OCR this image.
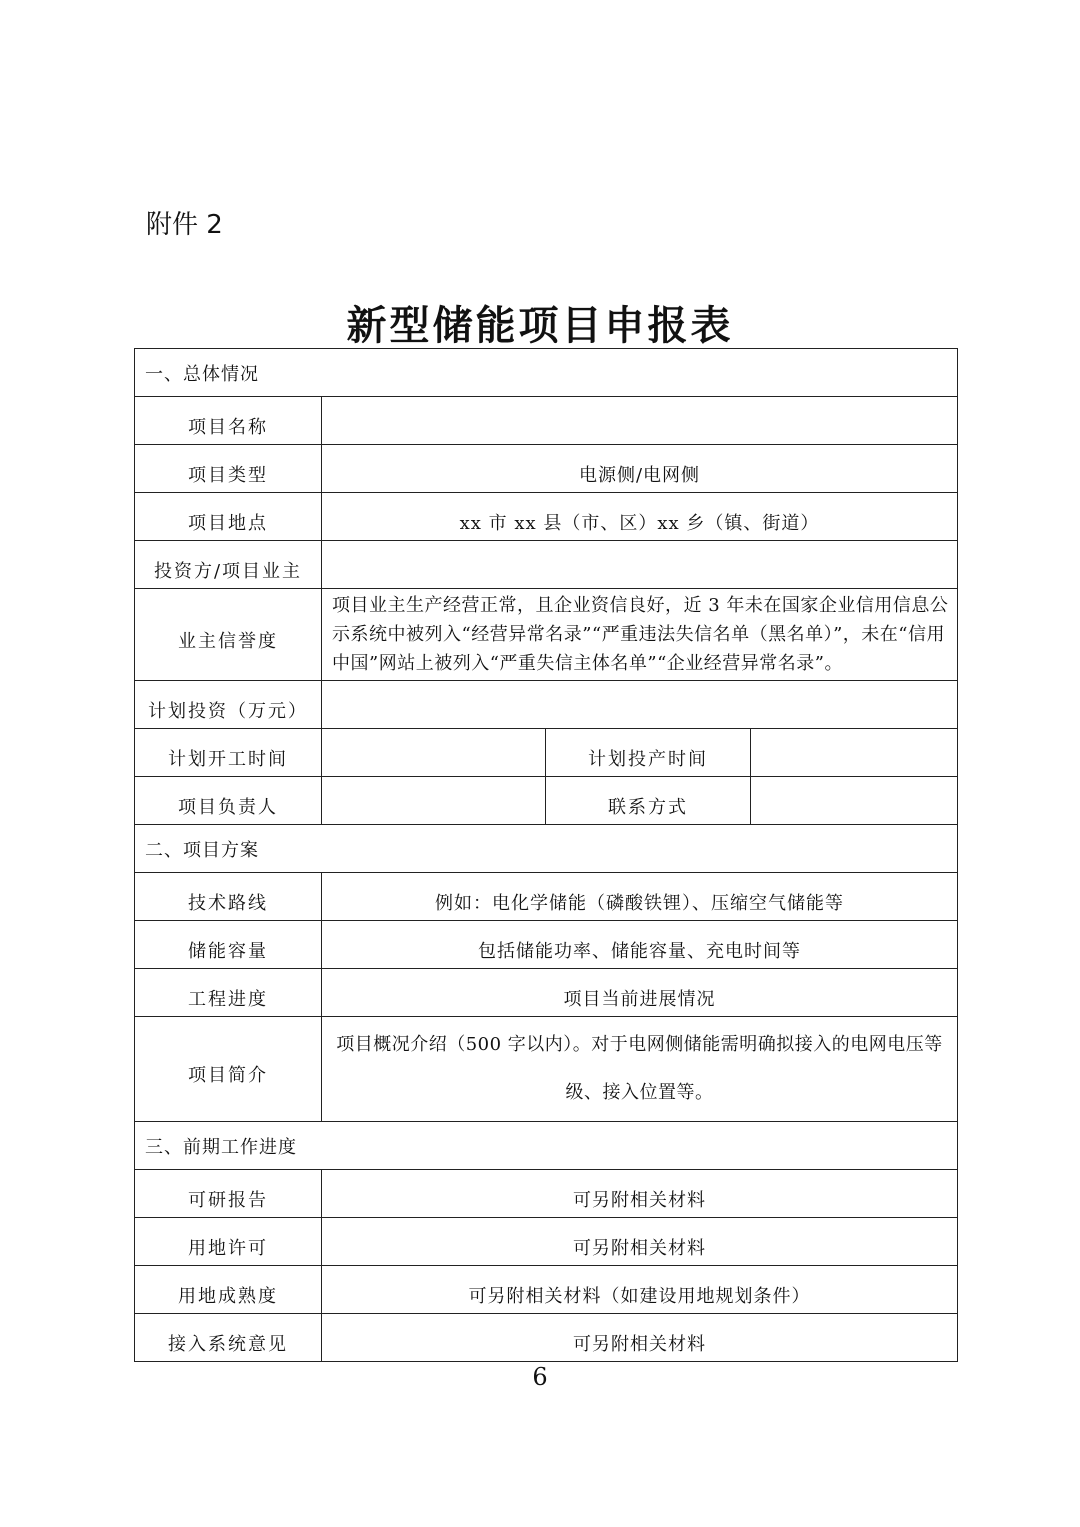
附件 2
新型储能项目申报表
一、总体情况			
项目名称			
项目类型	电源侧/电网侧		
项目地点	xx 市 xx 县（市、区）xx 乡（镇、街道）		
投资方/项目业主			
业主信誉度	项目业主生产经营正常，且企业资信良好，近 3 年未在国家企业信用信息公示系统中被列入“经营异常名录”“严重违法失信名单（黑名单）”，未在“信用中国”网站上被列入“严重失信主体名单”“企业经营异常名录”。		
计划投资（万元）			
计划开工时间		计划投产时间	
项目负责人		联系方式	
二、项目方案			
技术路线	例如：电化学储能（磷酸铁锂）、压缩空气储能等		
储能容量	包括储能功率、储能容量、充电时间等		
工程进度	项目当前进展情况		
项目简介	项目概况介绍（500 字以内）。对于电网侧储能需明确拟接入的电网电压等级、接入位置等。		
三、前期工作进度			
可研报告	可另附相关材料		
用地许可	可另附相关材料		
用地成熟度	可另附相关材料（如建设用地规划条件）		
接入系统意见	可另附相关材料		
6
